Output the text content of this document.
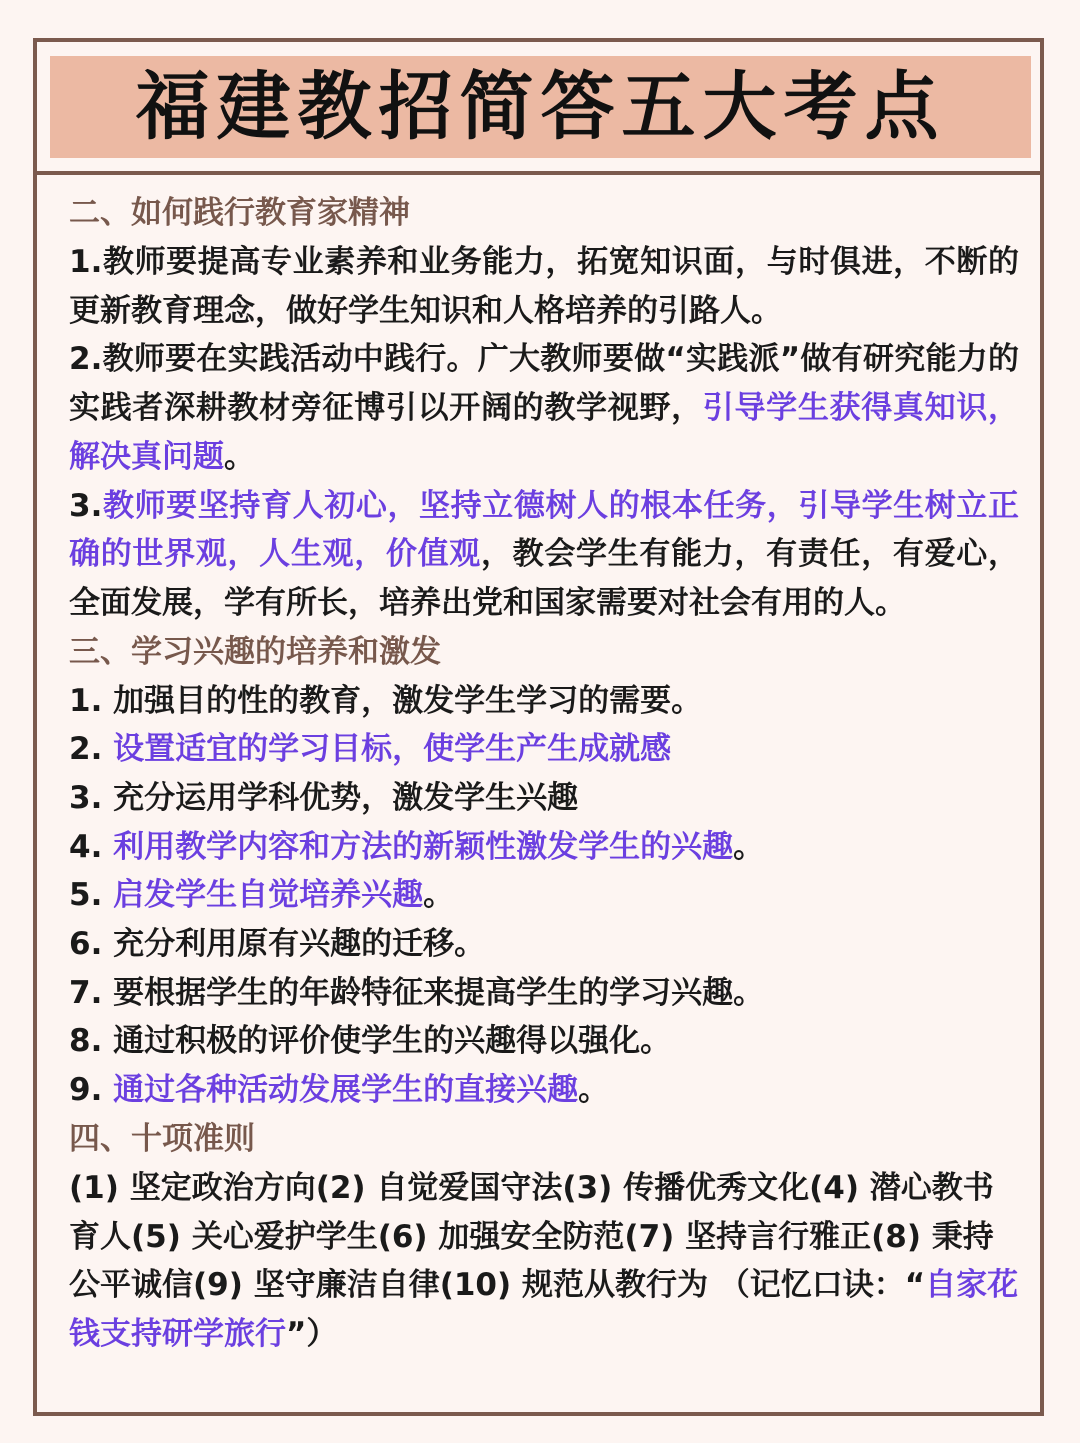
福建教招简答五大考点
二、如何践行教育家精神
1.教师要提高专业素养和业务能力，拓宽知识面，与时俱进，不断的更新教育理念，做好学生知识和人格培养的引路人。
2.教师要在实践活动中践行。广大教师要做“实践派”做有研究能力的实践者深耕教材旁征博引以开阔的教学视野，引导学生获得真知识，解决真问题。
3.教师要坚持育人初心，坚持立德树人的根本任务，引导学生树立正确的世界观，人生观，价值观，教会学生有能力，有责任，有爱心，全面发展，学有所长，培养出党和国家需要对社会有用的人。
三、学习兴趣的培养和激发
1. 加强目的性的教育，激发学生学习的需要。
2. 设置适宜的学习目标，使学生产生成就感
3. 充分运用学科优势，激发学生兴趣
4. 利用教学内容和方法的新颖性激发学生的兴趣。
5. 启发学生自觉培养兴趣。
6. 充分利用原有兴趣的迁移。
7. 要根据学生的年龄特征来提高学生的学习兴趣。
8. 通过积极的评价使学生的兴趣得以强化。
9. 通过各种活动发展学生的直接兴趣。
四、十项准则
(1) 坚定政治方向(2) 自觉爱国守法(3) 传播优秀文化(4) 潜心教书育人(5) 关心爱护学生(6) 加强安全防范(7) 坚持言行雅正(8) 秉持公平诚信(9) 坚守廉洁自律(10) 规范从教行为 （记忆口诀：“自家花钱支持研学旅行”）
